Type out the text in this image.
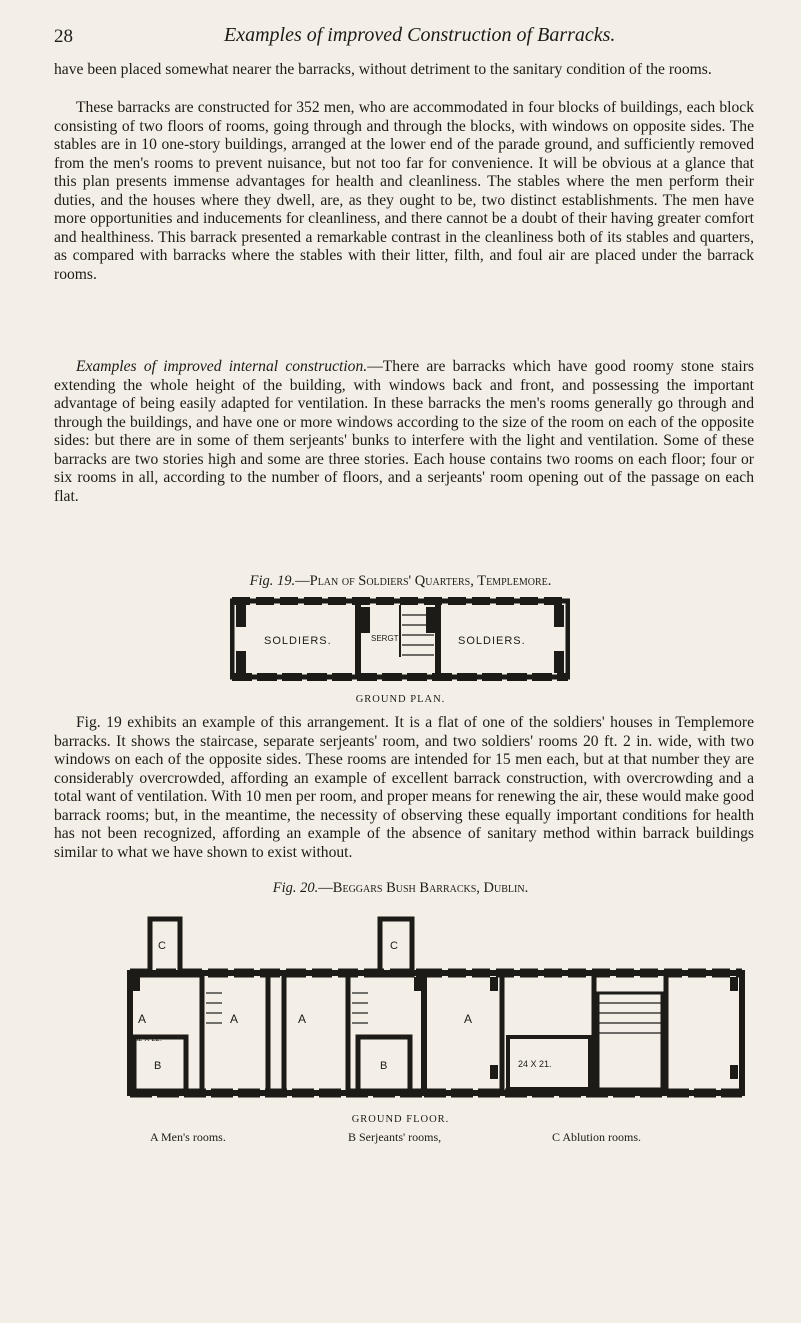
28	Examples of improved Construction of Barracks.

have been placed somewhat nearer the barracks, without detriment to the sanitary condition of the rooms.

These barracks are constructed for 352 men, who are accommodated in four blocks of buildings, each block consisting of two floors of rooms, going through and through the blocks, with windows on opposite sides. The stables are in 10 one-story buildings, arranged at the lower end of the parade ground, and sufficiently removed from the men's rooms to prevent nuisance, but not too far for convenience. It will be obvious at a glance that this plan presents immense advantages for health and cleanliness. The stables where the men perform their duties, and the houses where they dwell, are, as they ought to be, two distinct establishments. The men have more opportunities and inducements for cleanliness, and there cannot be a doubt of their having greater comfort and healthiness. This barrack presented a remarkable contrast in the cleanliness both of its stables and quarters, as compared with barracks where the stables with their litter, filth, and foul air are placed under the barrack rooms.

Examples of improved internal construction.—There are barracks which have good roomy stone stairs extending the whole height of the building, with windows back and front, and possessing the important advantage of being easily adapted for ventilation. In these barracks the men's rooms generally go through and through the buildings, and have one or more windows according to the size of the room on each of the opposite sides: but there are in some of them serjeants' bunks to interfere with the light and ventilation. Some of these barracks are two stories high and some are three stories. Each house contains two rooms on each floor; four or six rooms in all, according to the number of floors, and a serjeants' room opening out of the passage on each flat.

Fig. 19.—Plan of Soldiers' Quarters, Templemore.
SOLDIERS.	SERGT	SOLDIERS.
GROUND PLAN.

Fig. 19 exhibits an example of this arrangement. It is a flat of one of the soldiers' houses in Templemore barracks. It shows the staircase, separate serjeants' room, and two soldiers' rooms 20 ft. 2 in. wide, with two windows on each of the opposite sides. These rooms are intended for 15 men each, but at that number they are considerably overcrowded, affording an example of excellent barrack construction, with overcrowding and a total want of ventilation. With 10 men per room, and proper means for renewing the air, these would make good barrack rooms; but, in the meantime, the necessity of observing these equally important conditions for health has not been recognized, affording an example of the absence of sanitary method within barrack buildings similar to what we have shown to exist without.

Fig. 20.—Beggars Bush Barracks, Dublin.
C	C
A	A	A	A
B	B
82 X 22.
24 X 21.
GROUND FLOOR.
A Men's rooms.	B Serjeants' rooms,	C Ablution rooms.
